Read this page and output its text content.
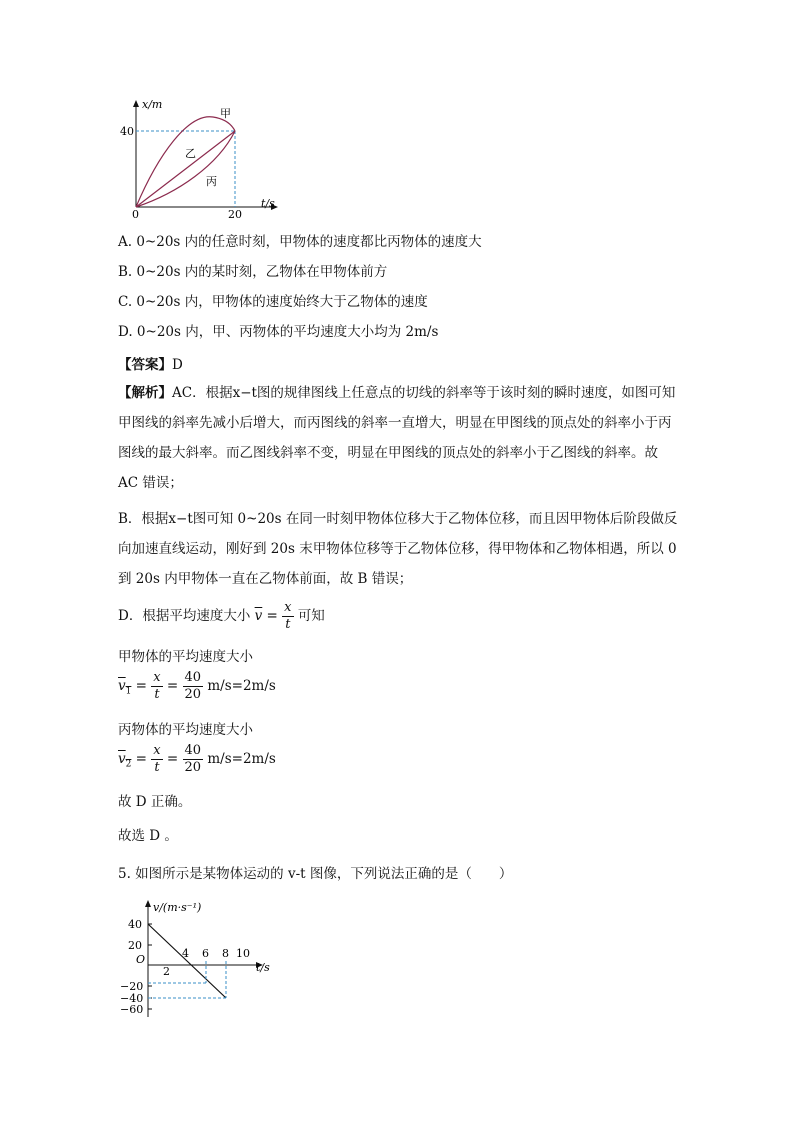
x/m
40
0	20
t/s
甲
乙
丙
A. 0~20s 内的任意时刻，甲物体的速度都比丙物体的速度大
B. 0~20s 内的某时刻，乙物体在甲物体前方
C. 0~20s 内，甲物体的速度始终大于乙物体的速度
D. 0~20s 内，甲、丙物体的平均速度大小均为 2m/s
【答案】D
【解析】AC．根据x−t图的规律图线上任意点的切线的斜率等于该时刻的瞬时速度，如图可知甲图线的斜率先减小后增大，而丙图线的斜率一直增大，明显在甲图线的顶点处的斜率小于丙图线的最大斜率。而乙图线斜率不变，明显在甲图线的顶点处的斜率小于乙图线的斜率。故 AC 错误；
B．根据x−t图可知 0~20s 在同一时刻甲物体位移大于乙物体位移，而且因甲物体后阶段做反向加速直线运动，刚好到 20s 末甲物体位移等于乙物体位移，得甲物体和乙物体相遇，所以 0 到 20s 内甲物体一直在乙物体前面，故 B 错误；
D．根据平均速度大小 $\overline{v} = \frac{x}{t}$ 可知
甲物体的平均速度大小
$v_1 = \frac{x}{t} = \frac{40}{20} m/s=2m/s$
丙物体的平均速度大小
$v_2 = \frac{x}{t} = \frac{40}{20} m/s=2m/s$
故 D 正确。
故选 D 。
5. 如图所示是某物体运动的 v-t 图像，下列说法正确的是（　　）
v/(m·s⁻¹)
t/s
O
2
4 6 8 10
40
20
−20
−40
−60
